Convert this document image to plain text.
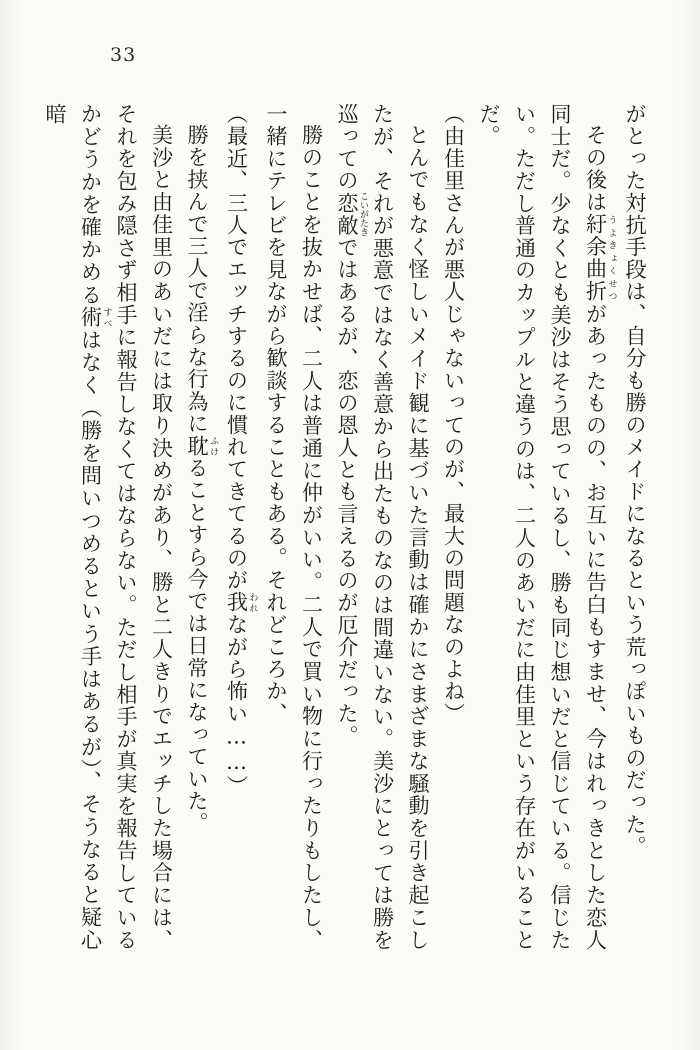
33

がとった対抗手段は、自分も勝のメイドになるという荒っぽいものだった。

その後は紆余曲折 うよきょくせつがあったものの、お互いに告白もすませ、今はれっきとした恋人同士だ。少なくとも美沙はそう思っているし、勝も同じ想いだと信じている。信じたい。ただし普通のカップルと違うのは、二人のあいだに由佳里という存在がいることだ。

（由佳里さんが悪人じゃないってのが、最大の問題なのよね）

とんでもなく怪しいメイド観に基づいた言動は確かにさまざまな騒動を引き起こしたが、それが悪意ではなく善意から出たものなのは間違いない。美沙にとっては勝を巡っての恋敵 こいがたきではあるが、恋の恩人とも言えるのが厄介だった。

勝のことを抜かせば、二人は普通に仲がいい。二人で買い物に行ったりもしたし、一緒にテレビを見ながら歓談することもある。それどころか、

（最近、三人でエッチするのに慣れてきてるのが我 われながら怖い……）

勝を挟んで三人で淫らな行為に耽 ふけることすら今では日常になっていた。

美沙と由佳里のあいだには取り決めがあり、勝と二人きりでエッチした場合には、それを包み隠さず相手に報告しなくてはならない。ただし相手が真実を報告しているかどうかを確かめる術 すべはなく（勝を問いつめるという手はあるが）、そうなると疑心暗
